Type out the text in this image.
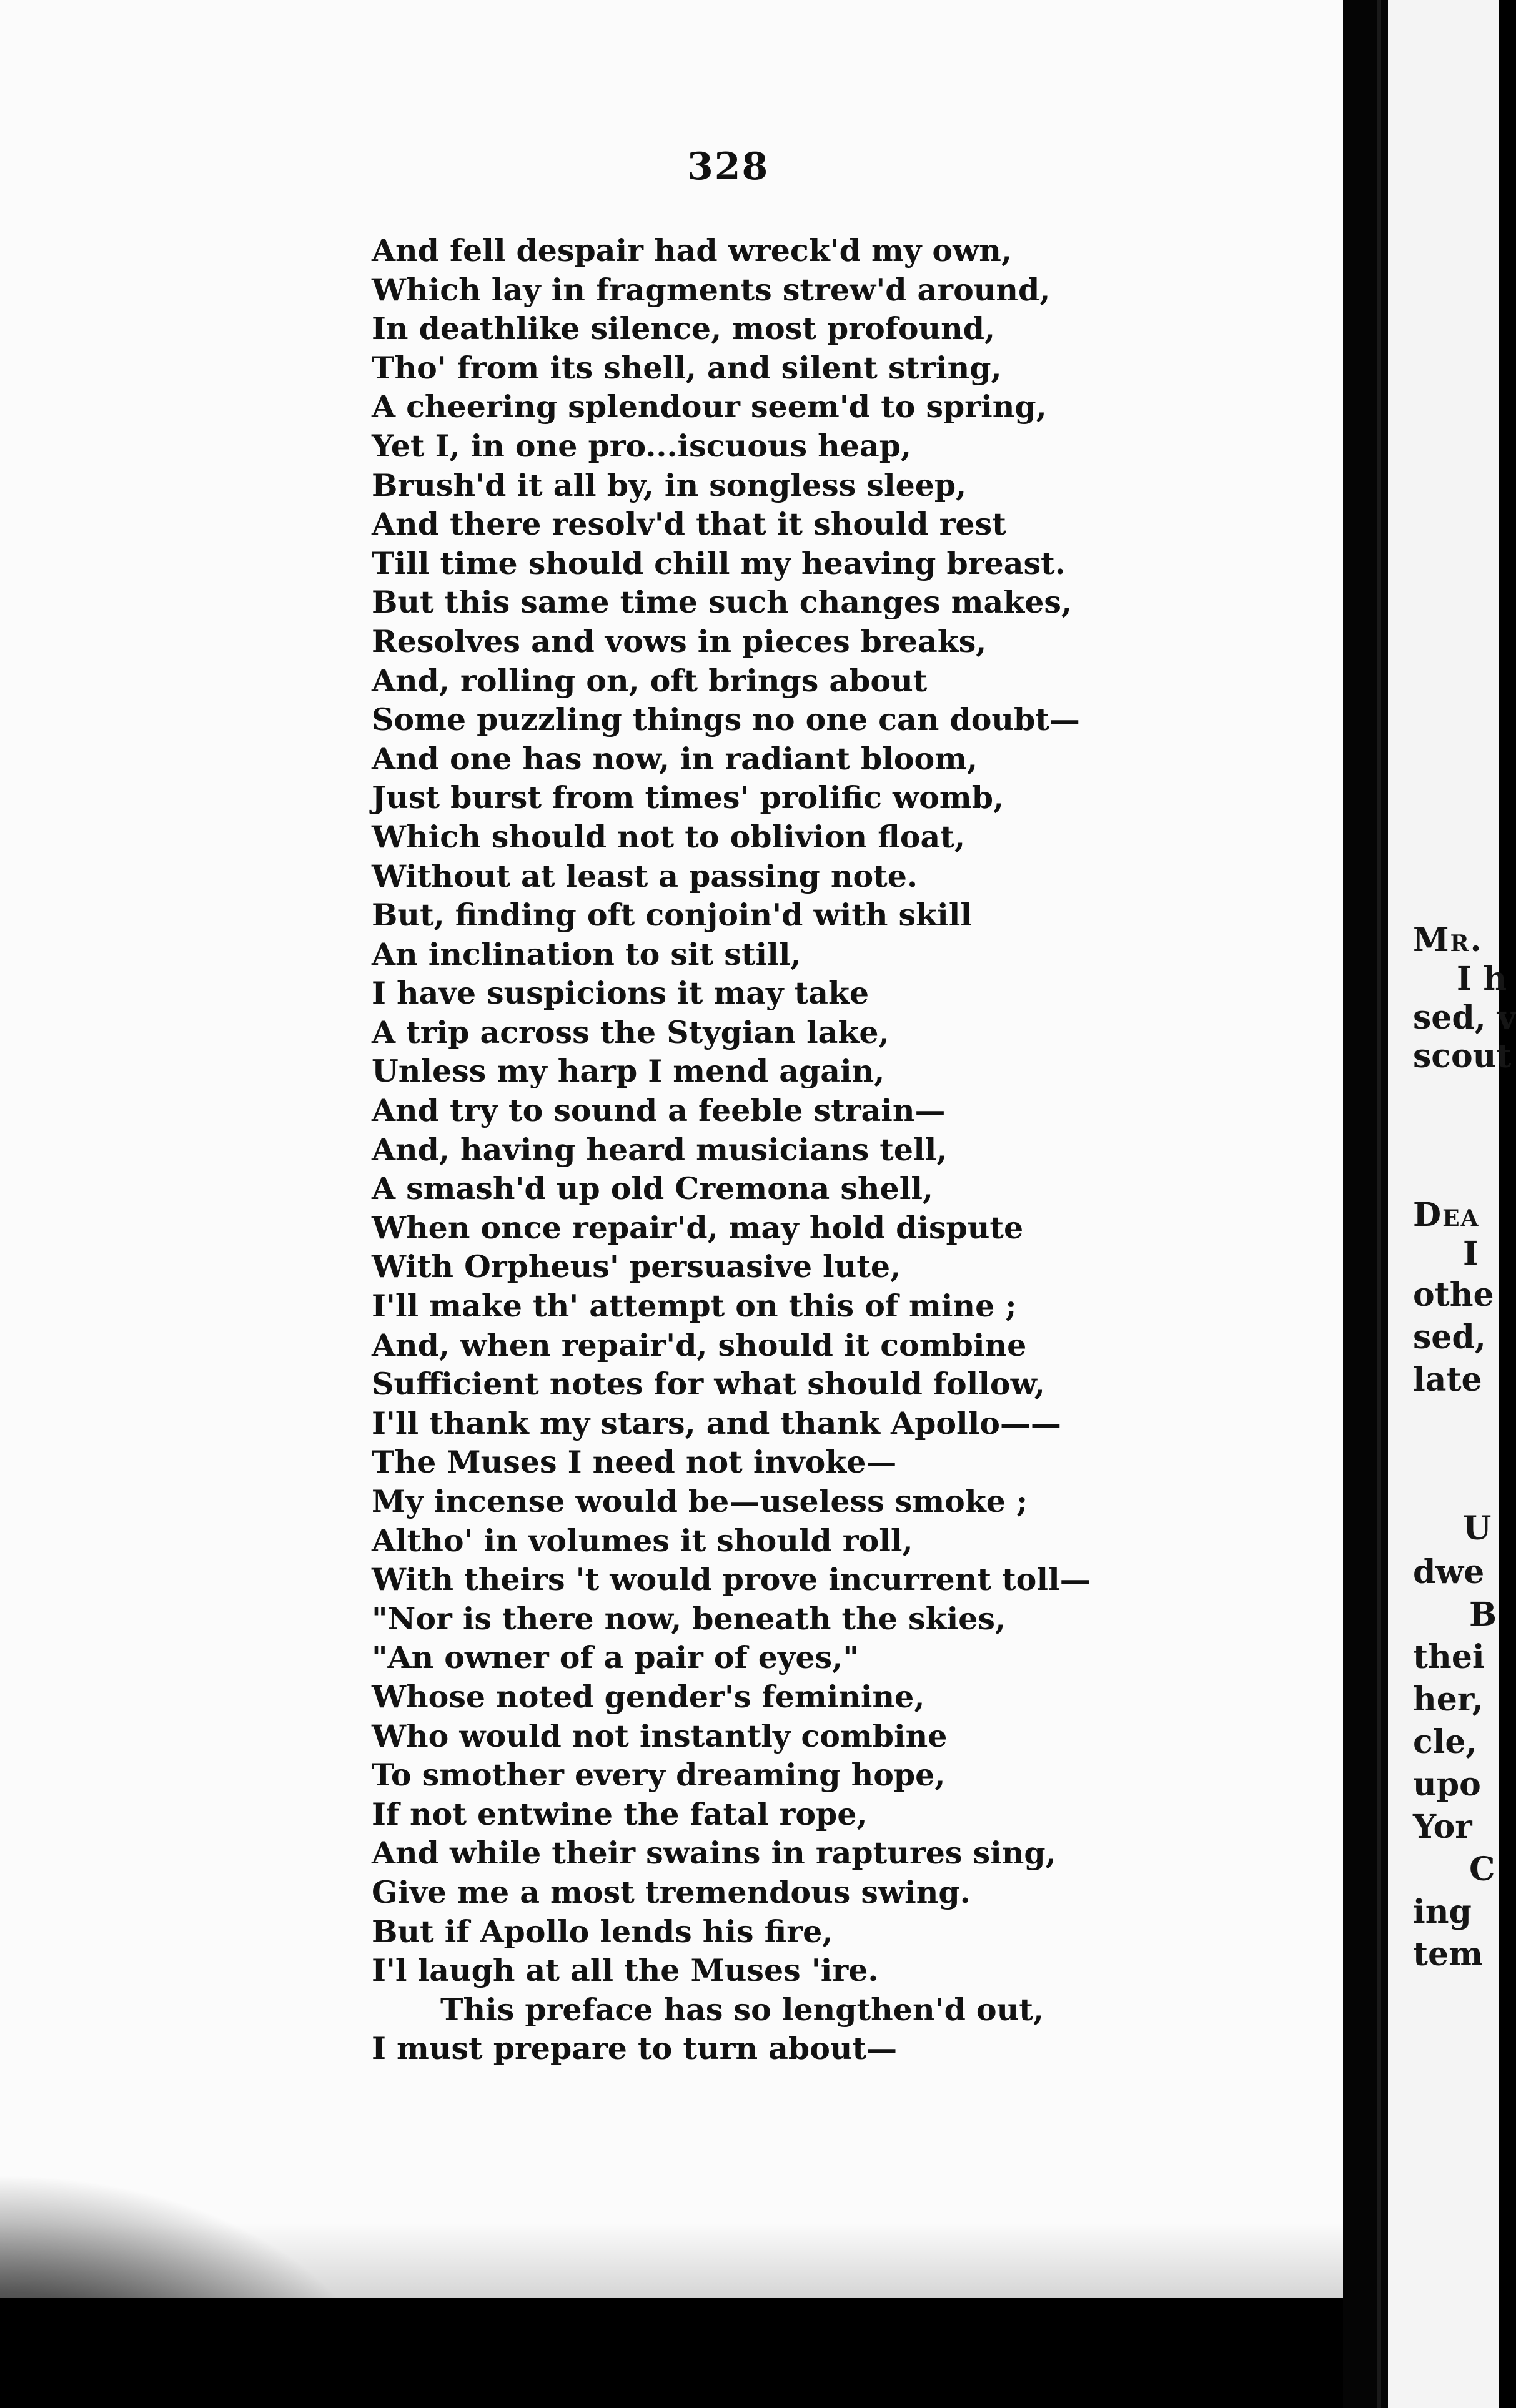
328
And fell despair had wreck'd my own,
Which lay in fragments strew'd around,
In deathlike silence, most profound,
Tho' from its shell, and silent string,
A cheering splendour seem'd to spring,
Yet I, in one pro...iscuous heap,
Brush'd it all by, in songless sleep,
And there resolv'd that it should rest
Till time should chill my heaving breast.
But this same time such changes makes,
Resolves and vows in pieces breaks,
And, rolling on, oft brings about
Some puzzling things no one can doubt—
And one has now, in radiant bloom,
Just burst from times' prolific womb,
Which should not to oblivion float,
Without at least a passing note.
But, finding oft conjoin'd with skill
An inclination to sit still,
I have suspicions it may take
A trip across the Stygian lake,
Unless my harp I mend again,
And try to sound a feeble strain—
And, having heard musicians tell,
A smash'd up old Cremona shell,
When once repair'd, may hold dispute
With Orpheus' persuasive lute,
I'll make th' attempt on this of mine ;
And, when repair'd, should it combine
Sufficient notes for what should follow,
I'll thank my stars, and thank Apollo——
The Muses I need not invoke—
My incense would be—useless smoke ;
Altho' in volumes it should roll,
With theirs 't would prove incurrent toll—
"Nor is there now, beneath the skies,
"An owner of a pair of eyes,"
Whose noted gender's feminine,
Who would not instantly combine
To smother every dreaming hope,
If not entwine the fatal rope,
And while their swains in raptures sing,
Give me a most tremendous swing.
But if Apollo lends his fire,
I'l laugh at all the Muses 'ire.
This preface has so lengthen'd out,
I must prepare to turn about—
Mr.
I h
sed, v
scout
Dea
I
othe
sed,
late
U
dwe
B
thei
her,
cle,
upo
Yor
C
ing
tem
